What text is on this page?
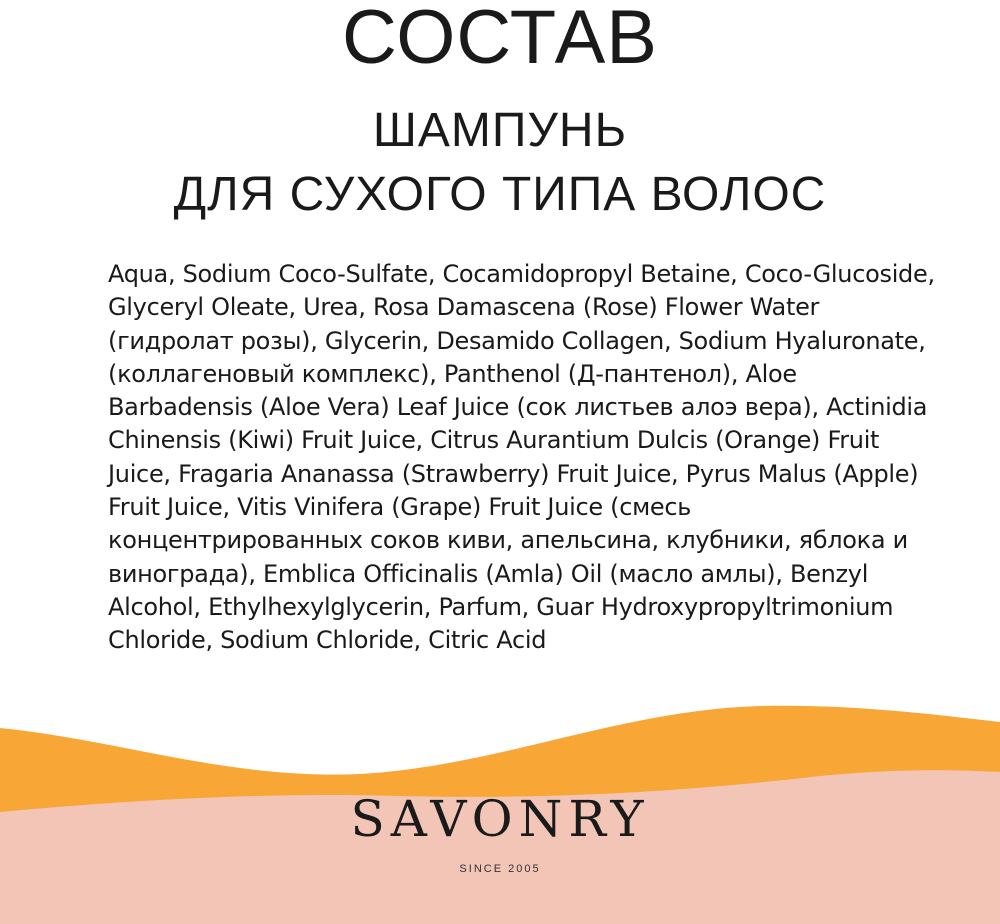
СОСТАВ
ШАМПУНЬ
ДЛЯ СУХОГО ТИПА ВОЛОС

Aqua, Sodium Coco-Sulfate, Cocamidopropyl Betaine, Coco-Glucoside, Glyceryl Oleate, Urea, Rosa Damascena (Rose) Flower Water (гидролат розы), Glycerin, Desamido Collagen, Sodium Hyaluronate, (коллагеновый комплекс), Panthenol (Д-пантенол), Aloe Barbadensis (Aloe Vera) Leaf Juice (сок листьев алоэ вера), Actinidia Chinensis (Kiwi) Fruit Juice, Citrus Aurantium Dulcis (Orange) Fruit Juice, Fragaria Ananassa (Strawberry) Fruit Juice, Pyrus Malus (Apple) Fruit Juice, Vitis Vinifera (Grape) Fruit Juice (смесь концентрированных соков киви, апельсина, клубники, яблока и винограда), Emblica Officinalis (Amla) Oil (масло амлы), Benzyl Alcohol, Ethylhexylglycerin, Parfum, Guar Hydroxypropyltrimonium Chloride, Sodium Chloride, Citric Acid

SAVONRY
SINCE 2005
